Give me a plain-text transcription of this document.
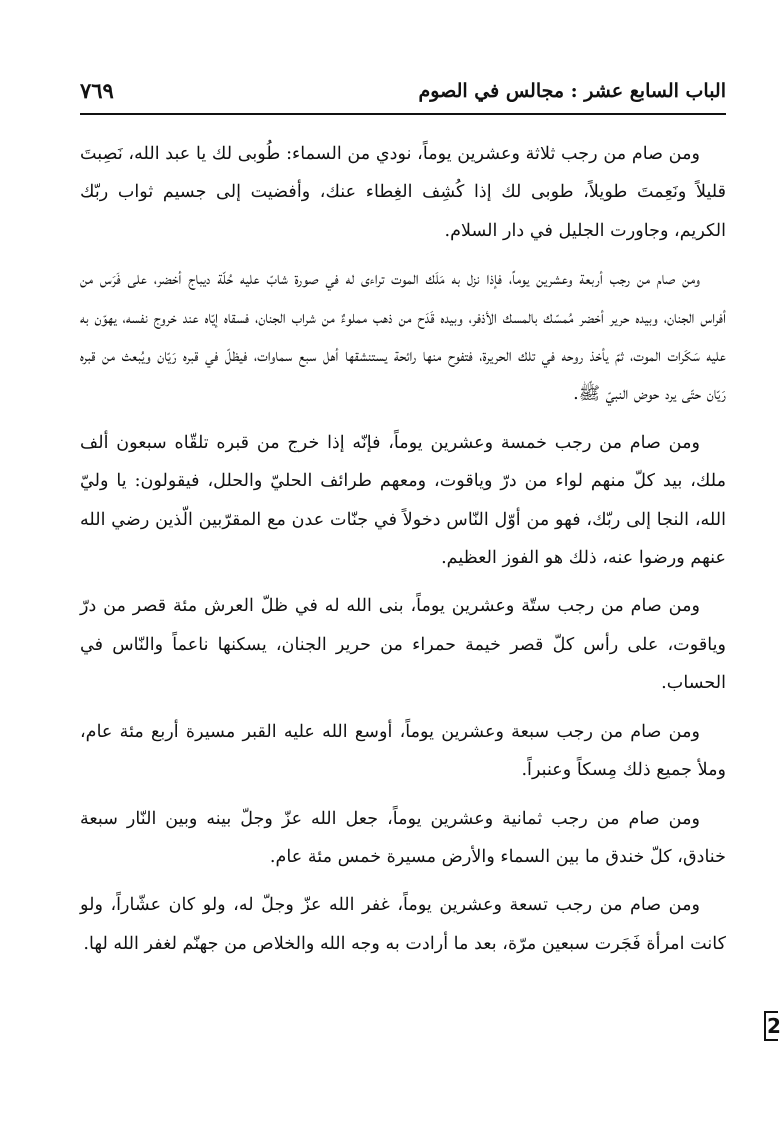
الباب السابع عشر : مجالس في الصوم
٧٦٩

ومن صام من رجب ثلاثة وعشرين يوماً، نودي من السماء: طُوبى لك يا عبد الله، نَصِبتَ قليلاً ونَعِمتَ طويلاً، طوبى لك إذا كُشِف الغِطاء عنك، وأفضيت إلى جسيم ثواب ربّك الكريم، وجاورت الجليل في دار السلام.

ومن صام من رجب أربعة وعشرين يوماً، فإذا نزل به مَلَك الموت تراءى له في صورة شابّ عليه حُلّة ديباج أخضر، على فَرَس من أفراس الجنان، وبيده حرير أخضر مُمسّك بالمسك الأذفر، وبيده قَدَح من ذهب مملوءٌ من شراب الجنان، فسقاه إيّاه عند خروج نفسه، يهوّن به عليه سَكَرات الموت، ثمّ يأخذ روحه في تلك الحريرة، فتفوح منها رائحة يستنشقها أهل سبع سماوات، فيظلّ في قبره رَيّان ويُبعث من قبره رَيّان حتّى يرد حوض النبيّ ﷺ.

ومن صام من رجب خمسة وعشرين يوماً، فإنّه إذا خرج من قبره تلقّاه سبعون ألف ملك، بيد كلّ منهم لواء من درّ وياقوت، ومعهم طرائف الحليّ والحلل، فيقولون: يا وليّ الله، النجا إلى ربّك، فهو من أوّل النّاس دخولاً في جنّات عدن مع المقرّبين الّذين رضي الله عنهم ورضوا عنه، ذلك هو الفوز العظيم.

ومن صام من رجب ستّة وعشرين يوماً، بنى الله له في ظلّ العرش مئة قصر من درّ وياقوت، على رأس كلّ قصر خيمة حمراء من حرير الجنان، يسكنها ناعماً والنّاس في الحساب.

ومن صام من رجب سبعة وعشرين يوماً، أوسع الله عليه القبر مسيرة أربع مئة عام، وملأ جميع ذلك مِسكاً وعنبراً.

ومن صام من رجب ثمانية وعشرين يوماً، جعل الله عزّ وجلّ بينه وبين النّار سبعة خنادق، كلّ خندق ما بين السماء والأرض مسيرة خمس مئة عام.

ومن صام من رجب تسعة وعشرين يوماً، غفر الله عزّ وجلّ له، ولو كان عشّاراً، ولو كانت امرأة فَجَرت سبعين مرّة، بعد ما أرادت به وجه الله والخلاص من جهنّم لغفر الله لها.

2
